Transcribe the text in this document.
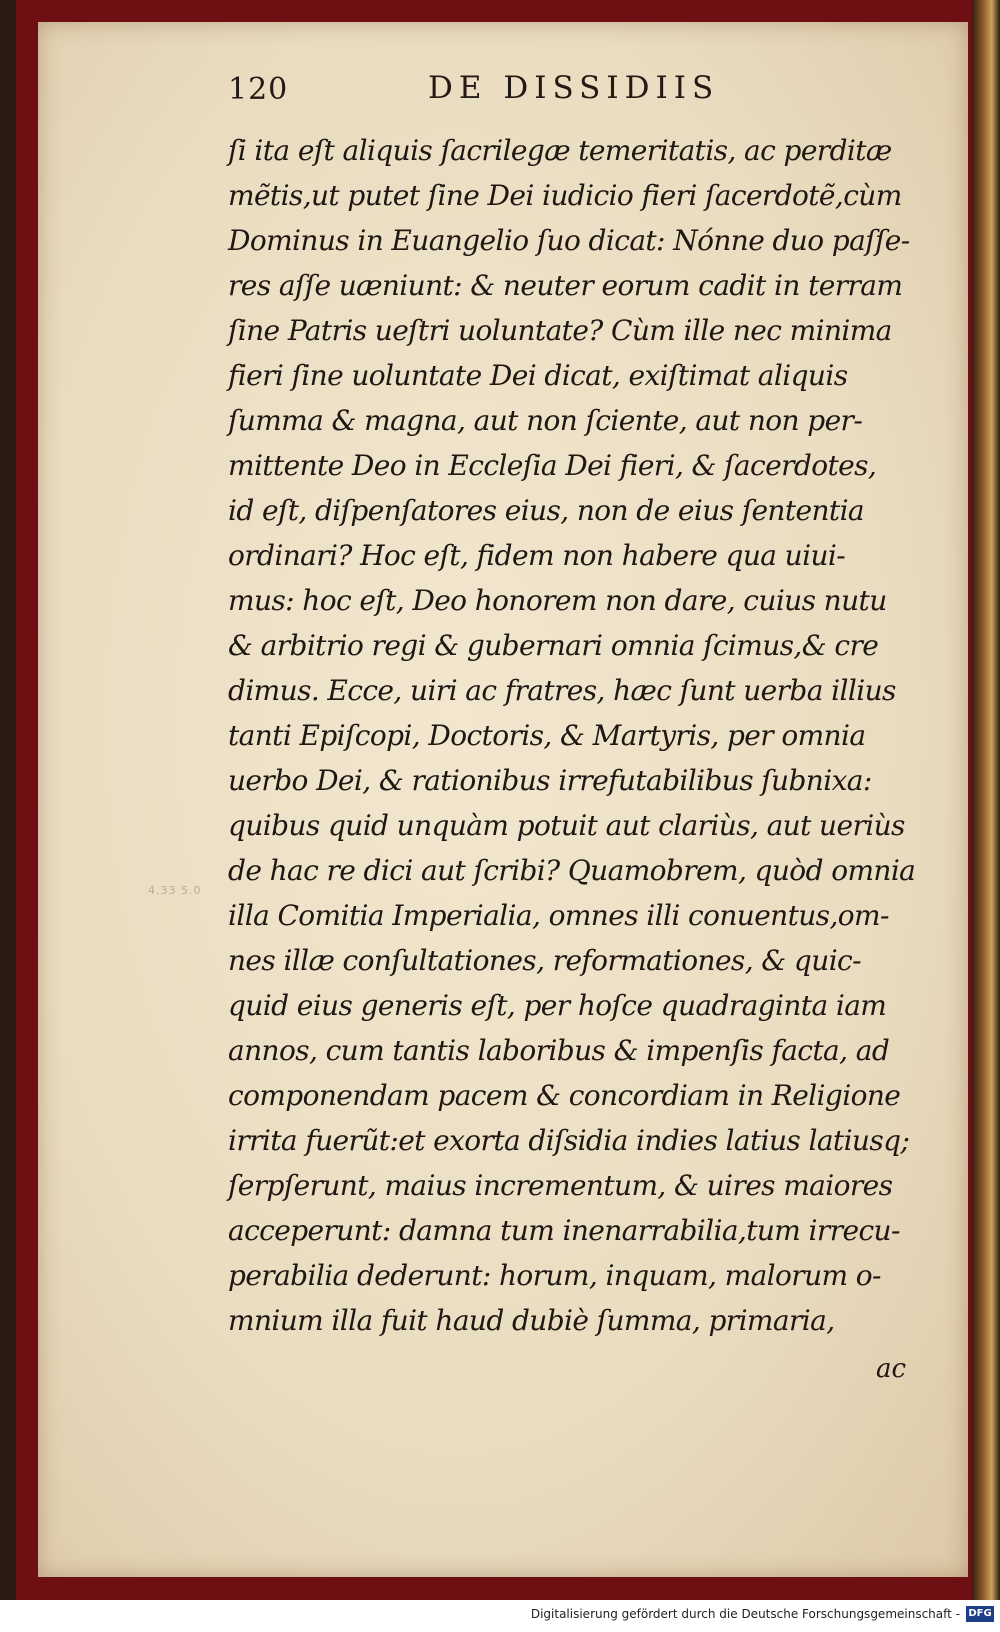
120	DE DISSIDIIS
4.33 5.0
ſi ita eſt aliquis ſacrilegæ temeritatis, ac perditæ
mẽtis,ut putet ſine Dei iudicio fieri ſacerdotẽ,cùm
Dominus in Euangelio ſuo dicat: Nónne duo paſſe-
res aſſe uæniunt: & neuter eorum cadit in terram
ſine Patris ueſtri uoluntate? Cùm ille nec minima
fieri ſine uoluntate Dei dicat, exiſtimat aliquis
ſumma & magna, aut non ſciente, aut non per-
mittente Deo in Eccleſia Dei fieri, & ſacerdotes,
id eſt, diſpenſatores eius, non de eius ſententia
ordinari? Hoc eſt, fidem non habere qua uiui-
mus: hoc eſt, Deo honorem non dare, cuius nutu
& arbitrio regi & gubernari omnia ſcimus,& cre
dimus. Ecce, uiri ac fratres, hæc ſunt uerba illius
tanti Epiſcopi, Doctoris, & Martyris, per omnia
uerbo Dei, & rationibus irrefutabilibus ſubnixa:
quibus quid unquàm potuit aut clariùs, aut ueriùs
de hac re dici aut ſcribi? Quamobrem, quòd omnia
illa Comitia Imperialia, omnes illi conuentus,om-
nes illæ conſultationes, reformationes, & quic-
quid eius generis eſt, per hoſce quadraginta iam
annos, cum tantis laboribus & impenſis facta, ad
componendam pacem & concordiam in Religione
irrita fuerũt:et exorta diſsidia indies latius latiusq;
ſerpſerunt, maius incrementum, & uires maiores
acceperunt: damna tum inenarrabilia,tum irrecu-
perabilia dederunt: horum, inquam, malorum o-
mnium illa fuit haud dubiè ſumma, primaria,
ac
Digitalisierung gefördert durch die Deutsche Forschungsgemeinschaft - DFG
